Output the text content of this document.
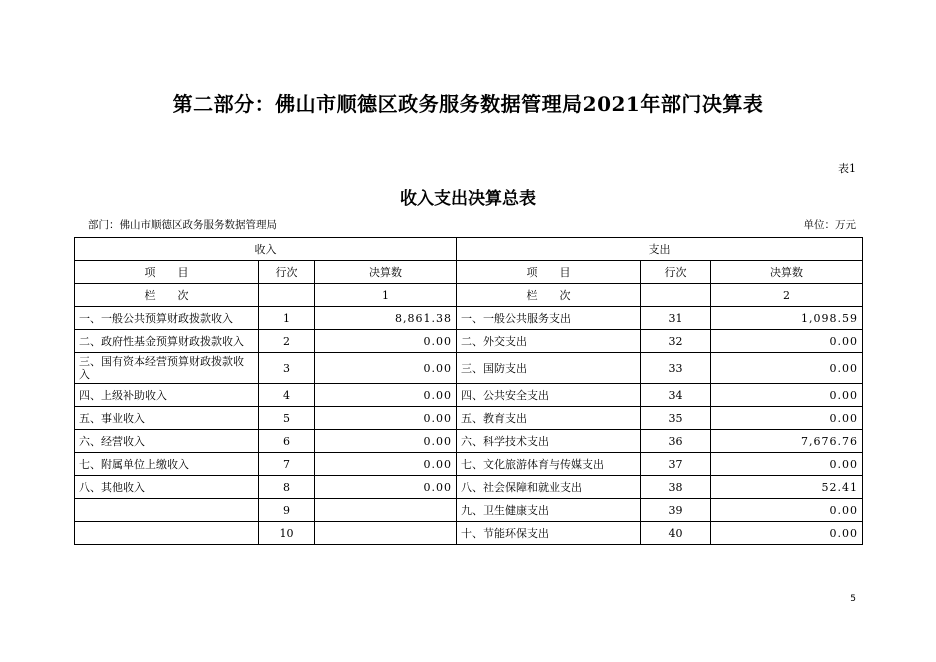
第二部分：佛山市顺德区政务服务数据管理局2021年部门决算表
表1
收入支出决算总表
部门：佛山市顺德区政务服务数据管理局	单位：万元
收入			支出		
项　　目	行次	决算数	项　　目	行次	决算数
栏　　次		1	栏　　次		2
一、一般公共预算财政拨款收入	1	8,861.38	一、一般公共服务支出	31	1,098.59
二、政府性基金预算财政拨款收入	2	0.00	二、外交支出	32	0.00
三、国有资本经营预算财政拨款收入	3	0.00	三、国防支出	33	0.00
四、上级补助收入	4	0.00	四、公共安全支出	34	0.00
五、事业收入	5	0.00	五、教育支出	35	0.00
六、经营收入	6	0.00	六、科学技术支出	36	7,676.76
七、附属单位上缴收入	7	0.00	七、文化旅游体育与传媒支出	37	0.00
八、其他收入	8	0.00	八、社会保障和就业支出	38	52.41
	9		九、卫生健康支出	39	0.00
	10		十、节能环保支出	40	0.00
5
